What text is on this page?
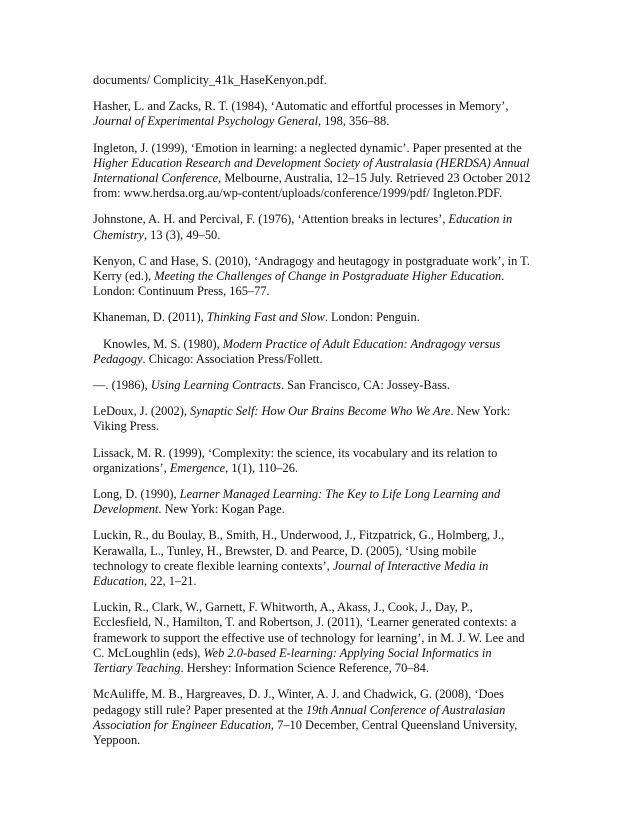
documents/ Complicity_41k_HaseKenyon.pdf.

Hasher, L. and Zacks, R. T. (1984), ‘Automatic and effortful processes in Memory’, Journal of Experimental Psychology General, 198, 356–88.

Ingleton, J. (1999), ‘Emotion in learning: a neglected dynamic’. Paper presented at the Higher Education Research and Development Society of Australasia (HERDSA) Annual International Conference, Melbourne, Australia, 12–15 July. Retrieved 23 October 2012 from: www.herdsa.org.au/wp-content/uploads/conference/1999/pdf/ Ingleton.PDF.

Johnstone, A. H. and Percival, F. (1976), ‘Attention breaks in lectures’, Education in Chemistry, 13 (3), 49–50.

Kenyon, C and Hase, S. (2010), ‘Andragogy and heutagogy in postgraduate work’, in T. Kerry (ed.), Meeting the Challenges of Change in Postgraduate Higher Education. London: Continuum Press, 165–77.

Khaneman, D. (2011), Thinking Fast and Slow. London: Penguin.

Knowles, M. S. (1980), Modern Practice of Adult Education: Andragogy versus Pedagogy. Chicago: Association Press/Follett.

—. (1986), Using Learning Contracts. San Francisco, CA: Jossey-Bass.

LeDoux, J. (2002), Synaptic Self: How Our Brains Become Who We Are. New York: Viking Press.

Lissack, M. R. (1999), ‘Complexity: the science, its vocabulary and its relation to organizations’, Emergence, 1(1), 110–26.

Long, D. (1990), Learner Managed Learning: The Key to Life Long Learning and Development. New York: Kogan Page.

Luckin, R., du Boulay, B., Smith, H., Underwood, J., Fitzpatrick, G., Holmberg, J., Kerawalla, L., Tunley, H., Brewster, D. and Pearce, D. (2005), ‘Using mobile technology to create flexible learning contexts’, Journal of Interactive Media in Education, 22, 1–21.

Luckin, R., Clark, W., Garnett, F. Whitworth, A., Akass, J., Cook, J., Day, P., Ecclesfield, N., Hamilton, T. and Robertson, J. (2011), ‘Learner generated contexts: a framework to support the effective use of technology for learning’, in M. J. W. Lee and C. McLoughlin (eds), Web 2.0-based E-learning: Applying Social Informatics in Tertiary Teaching. Hershey: Information Science Reference, 70–84.

McAuliffe, M. B., Hargreaves, D. J., Winter, A. J. and Chadwick, G. (2008), ‘Does pedagogy still rule? Paper presented at the 19th Annual Conference of Australasian Association for Engineer Education, 7–10 December, Central Queensland University, Yeppoon.
